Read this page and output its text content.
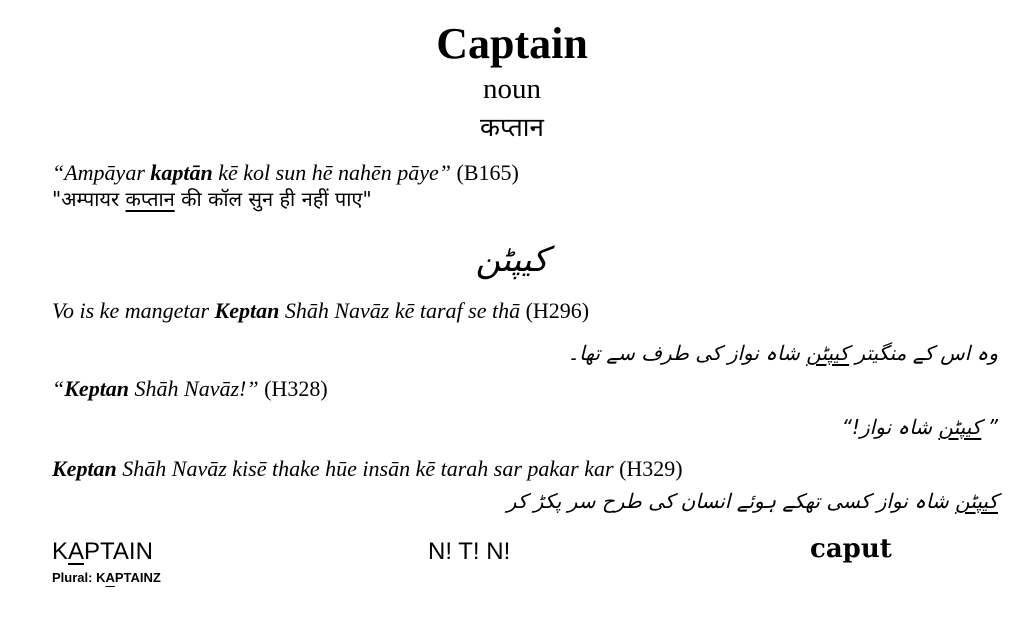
Captain
noun
कप्तान
“Ampāyar kaptān kē kol sun hē nahēn pāye” (B165)
"अम्पायर कप्तान की कॉल सुन ही नहीं पाए"
کیپٹن
Vo is ke mangetar Keptan Shāh Navāz kē taraf se thā (H296)
وہ اس کے منگیتر کیپٹن شاہ نواز کی طرف سے تھا۔
“Keptan Shāh Navāz!” (H328)
” کیپٹن شاہ نواز!“
Keptan Shāh Navāz kisē thake hūe insān kē tarah sar pakar kar (H329)
کیپٹن شاہ نواز کسی تھکے ہوئے انسان کی طرح سر پکڑ کر
KAPTAIN
Plural: KAPTAINZ
N! T! N!	caput
